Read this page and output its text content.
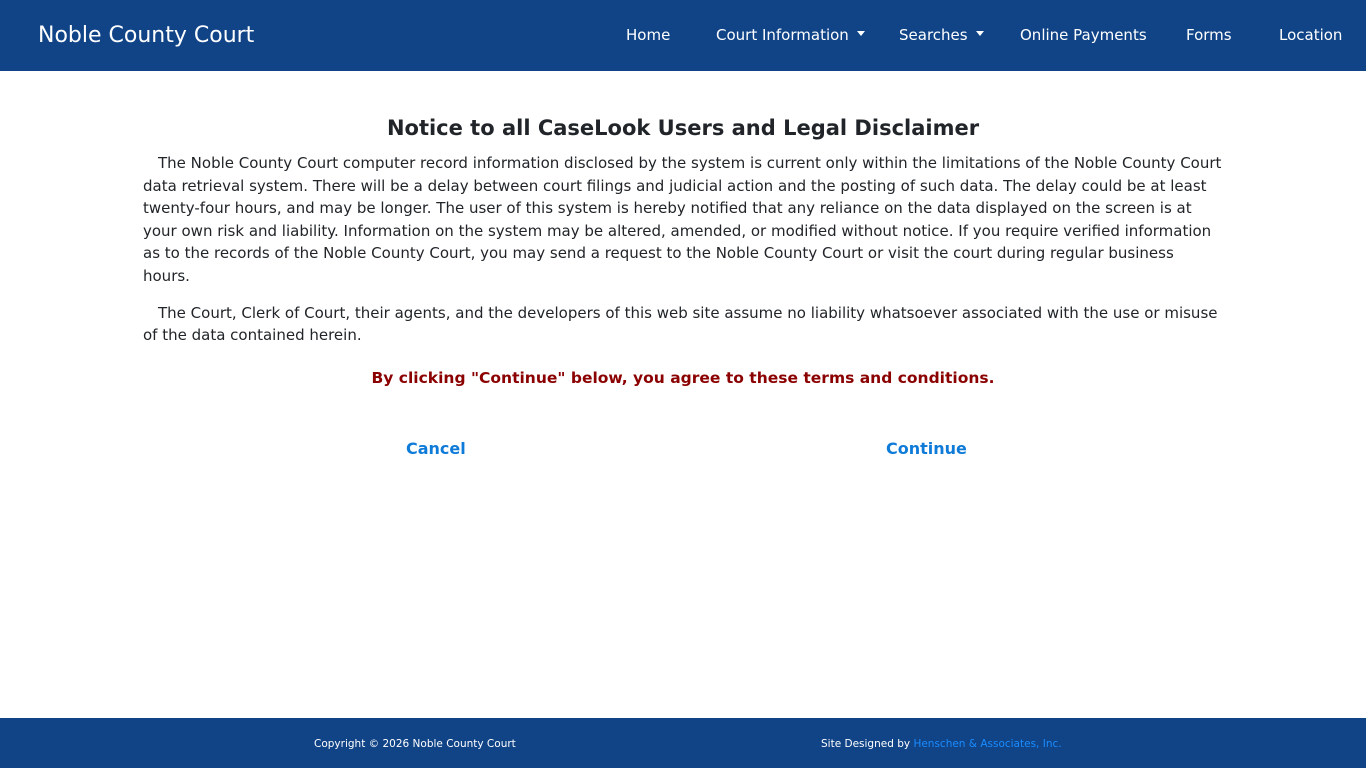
Noble County Court	Home	Court Information	Searches	Online Payments	Forms	Location
Notice to all CaseLook Users and Legal Disclaimer

The Noble County Court computer record information disclosed by the system is current only within the limitations of the Noble County Court data retrieval system. There will be a delay between court filings and judicial action and the posting of such data. The delay could be at least twenty-four hours, and may be longer. The user of this system is hereby notified that any reliance on the data displayed on the screen is at your own risk and liability. Information on the system may be altered, amended, or modified without notice. If you require verified information as to the records of the Noble County Court, you may send a request to the Noble County Court or visit the court during regular business hours.

The Court, Clerk of Court, their agents, and the developers of this web site assume no liability whatsoever associated with the use or misuse of the data contained herein.

By clicking "Continue" below, you agree to these terms and conditions.

Cancel	Continue
Copyright © 2026 Noble County Court	Site Designed by Henschen & Associates, Inc.
